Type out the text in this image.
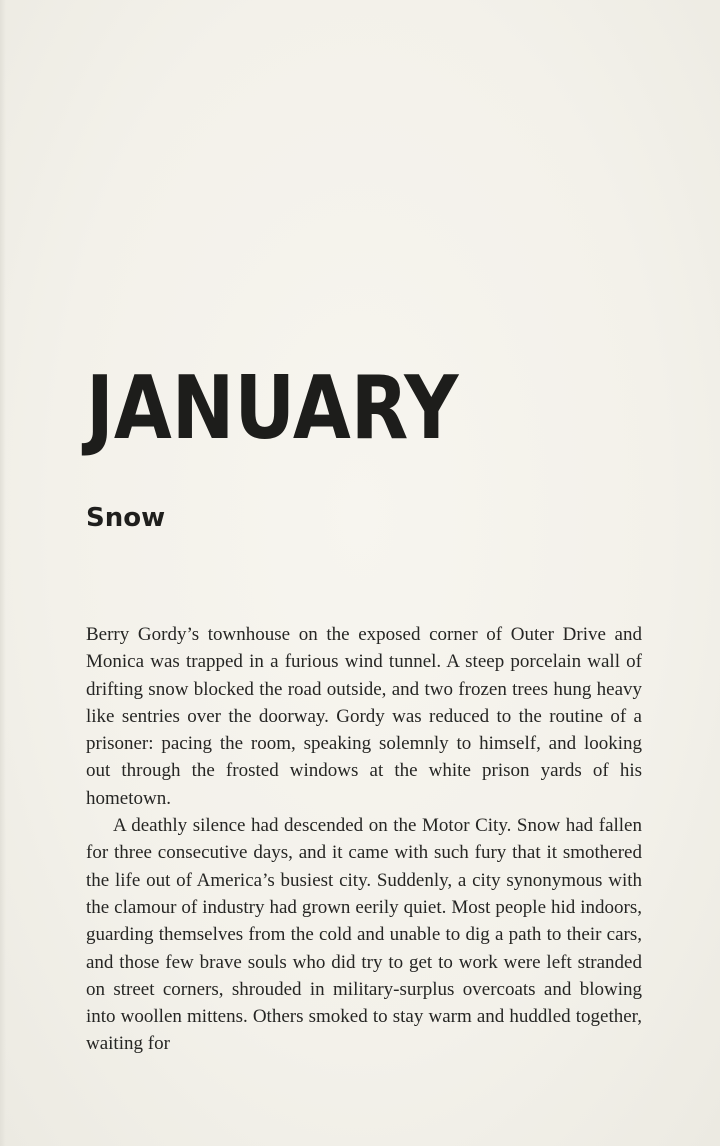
JANUARY
Snow

Berry Gordy’s townhouse on the exposed corner of Outer Drive and Monica was trapped in a furious wind tunnel. A steep porcelain wall of drifting snow blocked the road outside, and two frozen trees hung heavy like sentries over the doorway. Gordy was reduced to the routine of a prisoner: pacing the room, speaking solemnly to himself, and looking out through the frosted windows at the white prison yards of his hometown.

A deathly silence had descended on the Motor City. Snow had fallen for three consecutive days, and it came with such fury that it smothered the life out of America’s busiest city. Suddenly, a city synonymous with the clamour of industry had grown eerily quiet. Most people hid indoors, guarding themselves from the cold and unable to dig a path to their cars, and those few brave souls who did try to get to work were left stranded on street corners, shrouded in military-surplus overcoats and blowing into woollen mittens. Others smoked to stay warm and huddled together, waiting for
